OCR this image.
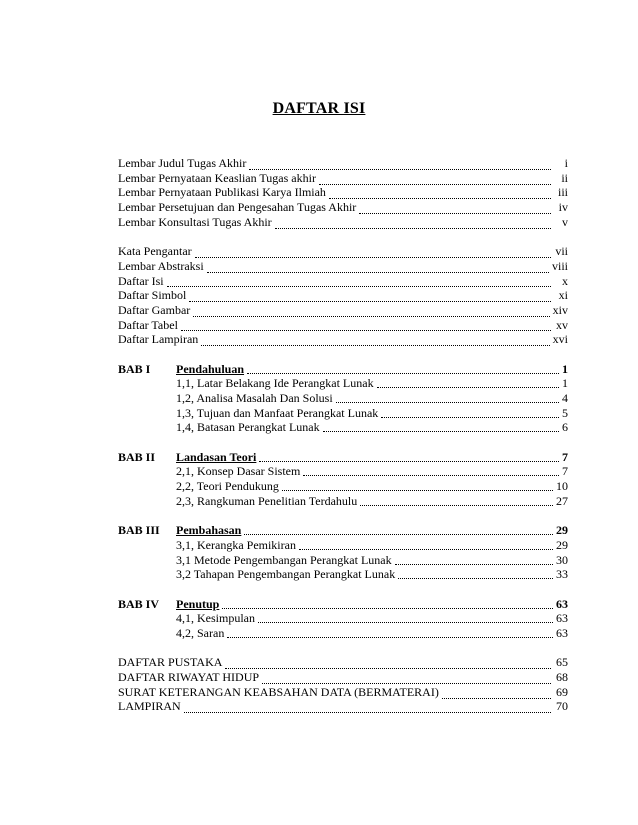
DAFTAR ISI
Lembar Judul Tugas Akhir	i
Lembar Pernyataan Keaslian Tugas akhir	ii
Lembar Pernyataan Publikasi Karya Ilmiah	iii
Lembar Persetujuan dan Pengesahan Tugas Akhir	iv
Lembar Konsultasi Tugas Akhir	v
Kata Pengantar	vii
Lembar Abstraksi	viii
Daftar Isi	x
Daftar Simbol	xi
Daftar Gambar	xiv
Daftar Tabel	xv
Daftar Lampiran	xvi
BAB I	Pendahuluan	1
1,1, Latar Belakang Ide Perangkat Lunak	1
1,2, Analisa Masalah Dan Solusi	4
1,3, Tujuan dan Manfaat Perangkat Lunak	5
1,4, Batasan Perangkat Lunak	6
BAB II	Landasan Teori	7
2,1, Konsep Dasar Sistem	7
2,2, Teori Pendukung	10
2,3, Rangkuman Penelitian Terdahulu	27
BAB III	Pembahasan	29
3,1, Kerangka Pemikiran	29
3,1 Metode Pengembangan Perangkat Lunak	30
3,2 Tahapan Pengembangan Perangkat Lunak	33
BAB IV	Penutup	63
4,1, Kesimpulan	63
4,2, Saran	63
DAFTAR PUSTAKA	65
DAFTAR RIWAYAT HIDUP	68
SURAT KETERANGAN KEABSAHAN DATA (BERMATERAI)	69
LAMPIRAN	70
